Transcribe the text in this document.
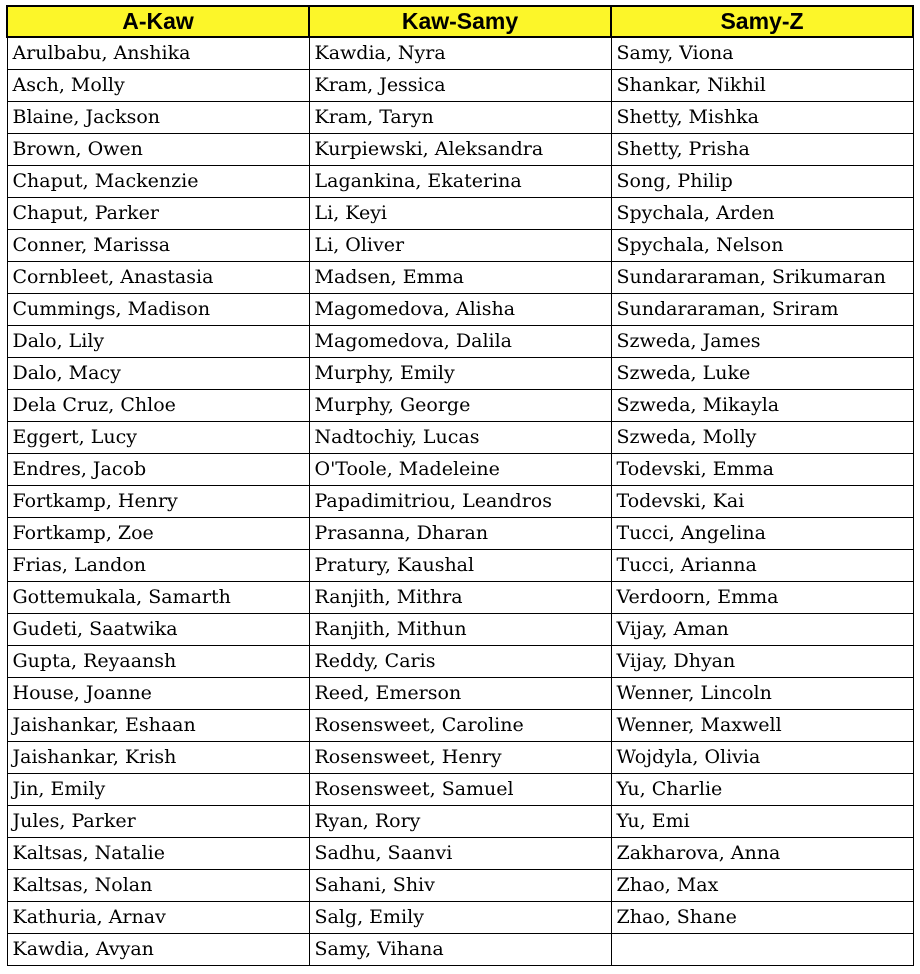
A-Kaw	Kaw-Samy	Samy-Z
Arulbabu, Anshika	Kawdia, Nyra	Samy, Viona
Asch, Molly	Kram, Jessica	Shankar, Nikhil
Blaine, Jackson	Kram, Taryn	Shetty, Mishka
Brown, Owen	Kurpiewski, Aleksandra	Shetty, Prisha
Chaput, Mackenzie	Lagankina, Ekaterina	Song, Philip
Chaput, Parker	Li, Keyi	Spychala, Arden
Conner, Marissa	Li, Oliver	Spychala, Nelson
Cornbleet, Anastasia	Madsen, Emma	Sundararaman, Srikumaran
Cummings, Madison	Magomedova, Alisha	Sundararaman, Sriram
Dalo, Lily	Magomedova, Dalila	Szweda, James
Dalo, Macy	Murphy, Emily	Szweda, Luke
Dela Cruz, Chloe	Murphy, George	Szweda, Mikayla
Eggert, Lucy	Nadtochiy, Lucas	Szweda, Molly
Endres, Jacob	O'Toole, Madeleine	Todevski, Emma
Fortkamp, Henry	Papadimitriou, Leandros	Todevski, Kai
Fortkamp, Zoe	Prasanna, Dharan	Tucci, Angelina
Frias, Landon	Pratury, Kaushal	Tucci, Arianna
Gottemukala, Samarth	Ranjith, Mithra	Verdoorn, Emma
Gudeti, Saatwika	Ranjith, Mithun	Vijay, Aman
Gupta, Reyaansh	Reddy, Caris	Vijay, Dhyan
House, Joanne	Reed, Emerson	Wenner, Lincoln
Jaishankar, Eshaan	Rosensweet, Caroline	Wenner, Maxwell
Jaishankar, Krish	Rosensweet, Henry	Wojdyla, Olivia
Jin, Emily	Rosensweet, Samuel	Yu, Charlie
Jules, Parker	Ryan, Rory	Yu, Emi
Kaltsas, Natalie	Sadhu, Saanvi	Zakharova, Anna
Kaltsas, Nolan	Sahani, Shiv	Zhao, Max
Kathuria, Arnav	Salg, Emily	Zhao, Shane
Kawdia, Avyan	Samy, Vihana	
